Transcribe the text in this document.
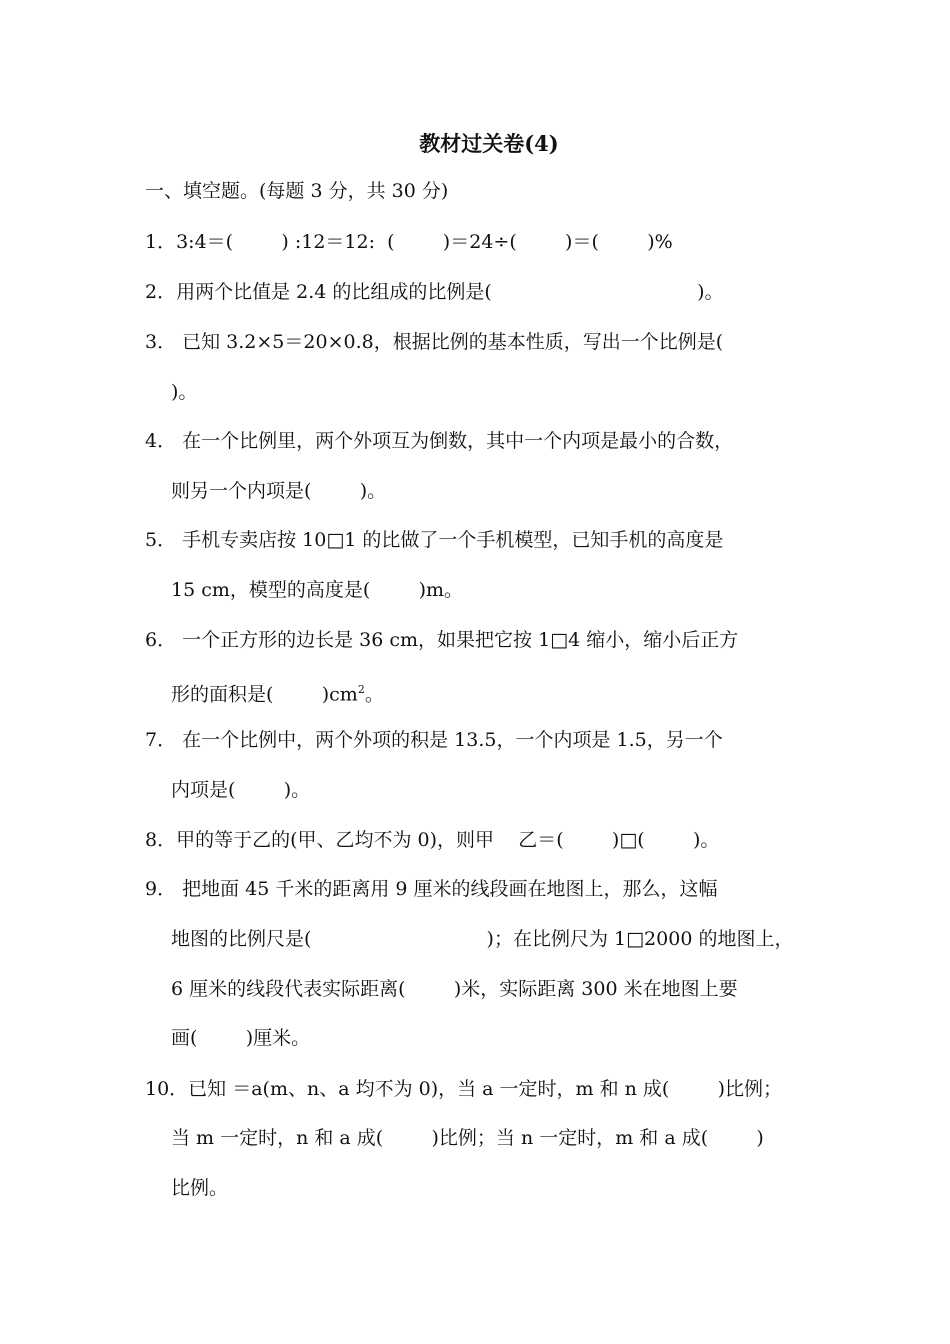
教材过关卷(4)
一、填空题。(每题 3 分，共 30 分)
1．3:4＝(        ) :12＝12:  (        )＝24÷(        )＝(        )%
2．用两个比值是 2.4 的比组成的比例是(                                  )。
3． 已知 3.2×5＝20×0.8，根据比例的基本性质，写出一个比例是(
)。
4． 在一个比例里，两个外项互为倒数，其中一个内项是最小的合数，
则另一个内项是(        )。
5． 手机专卖店按 10□1 的比做了一个手机模型，已知手机的高度是
15 cm，模型的高度是(        )m。
6． 一个正方形的边长是 36 cm，如果把它按 1□4 缩小，缩小后正方
形的面积是(        )$cm^2$。
7． 在一个比例中，两个外项的积是 13.5，一个内项是 1.5，另一个
内项是(        )。
8．甲的等于乙的(甲、乙均不为 0)，则甲    乙＝(        )□(        )。
9． 把地面 45 千米的距离用 9 厘米的线段画在地图上，那么，这幅
地图的比例尺是(                             )；在比例尺为 1□2000 的地图上，
6 厘米的线段代表实际距离(        )米，实际距离 300 米在地图上要
画(        )厘米。
10．已知 ＝a(m、n、a 均不为 0)，当 a 一定时，m 和 n 成(        )比例；
当 m 一定时，n 和 a 成(        )比例；当 n 一定时，m 和 a 成(        )
比例。
